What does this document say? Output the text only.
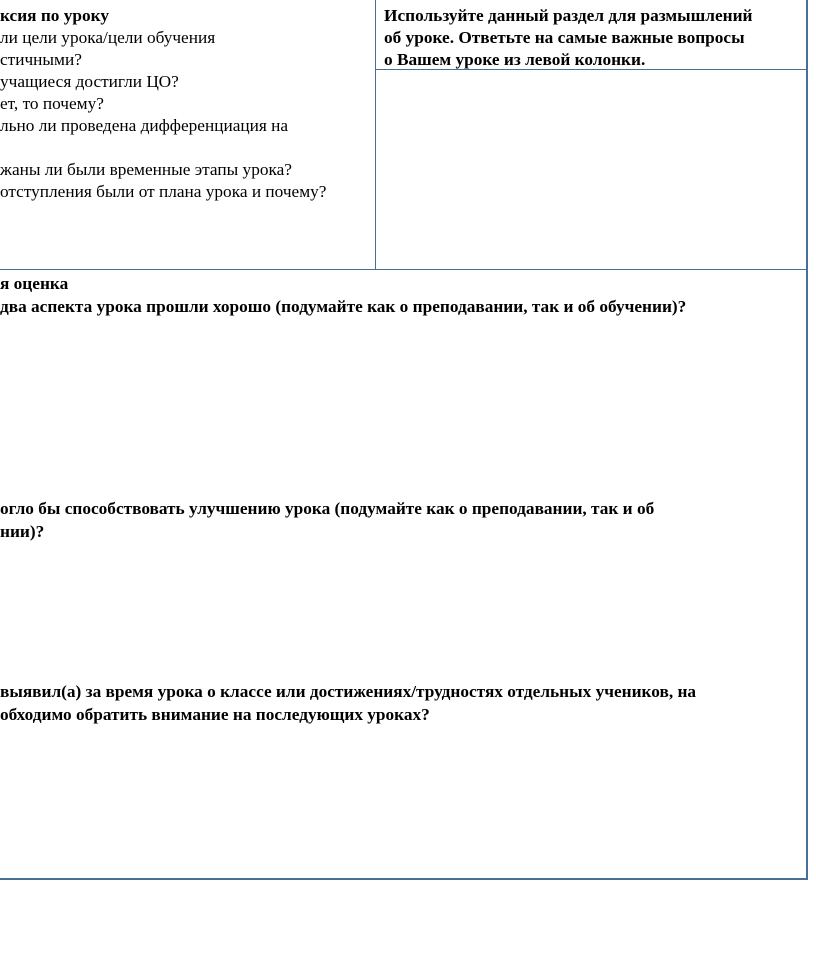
ксия по уроку
ли цели урока/цели обучения
стичными?
учащиеся достигли ЦО?
ет, то почему?
льно ли проведена дифференциация на
жаны ли были временные этапы урока?
отступления были от плана урока и почему?
Используйте данный раздел для размышлений
об уроке. Ответьте на самые важные вопросы
о Вашем уроке из левой колонки.
я оценка
два аспекта урока прошли хорошо (подумайте как о преподавании, так и об обучении)?
огло бы способствовать улучшению урока (подумайте как о преподавании, так и об
нии)?
выявил(а) за время урока о классе или достижениях/трудностях отдельных учеников, на
обходимо обратить внимание на последующих уроках?
